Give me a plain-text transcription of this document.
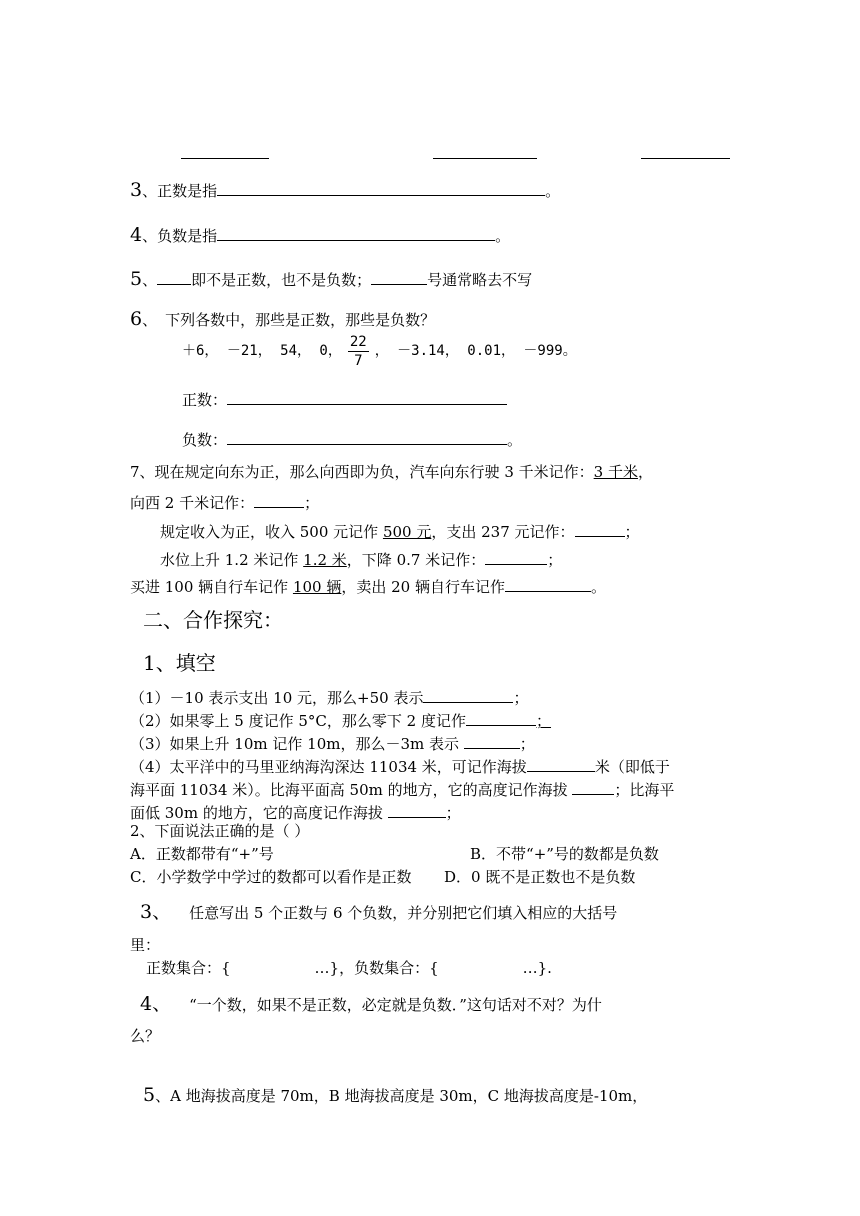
3、正数是指	。
4、负数是指	。
5、 即不是正数，也不是负数；	号通常略去不写
6、 下列各数中，那些是正数，那些是负数？
＋6， －21， 54， 0， $\frac{22}{7}$ ， －3.14， 0.01， －999。
正数：
负数：	。
7、现在规定向东为正，那么向西即为负，汽车向东行驶 3 千米记作：3 千米，
向西 2 千米记作：	；
规定收入为正，收入 500 元记作 500 元，支出 237 元记作：	；
水位上升 1.2 米记作 1.2 米，下降 0.7 米记作：	；
买进 100 辆自行车记作 100 辆，卖出 20 辆自行车记作	。
二、合作探究：
1、填空
（1）－10 表示支出 10 元，那么+50 表示	；
（2）如果零上 5 度记作 5°C，那么零下 2 度记作	；
（3）如果上升 10m 记作 10m，那么－3m 表示	；
（4）太平洋中的马里亚纳海沟深达 11034 米，可记作海拔	米（即低于
海平面 11034 米）。比海平面高 50m 的地方，它的高度记作海拔	；比海平
面低 30m 的地方，它的高度记作海拔	；
2、下面说法正确的是（ ）
A．正数都带有“+”号	B．不带“+”号的数都是负数
C．小学数学中学过的数都可以看作是正数 D．0 既不是正数也不是负数
3、 任意写出 5 个正数与 6 个负数，并分别把它们填入相应的大括号
里：
正数集合：{	…}，负数集合：{	…}.
4、 “一个数，如果不是正数，必定就是负数．”这句话对不对？为什
么？
5、A 地海拔高度是 70m，B 地海拔高度是 30m，C 地海拔高度是-10m，
